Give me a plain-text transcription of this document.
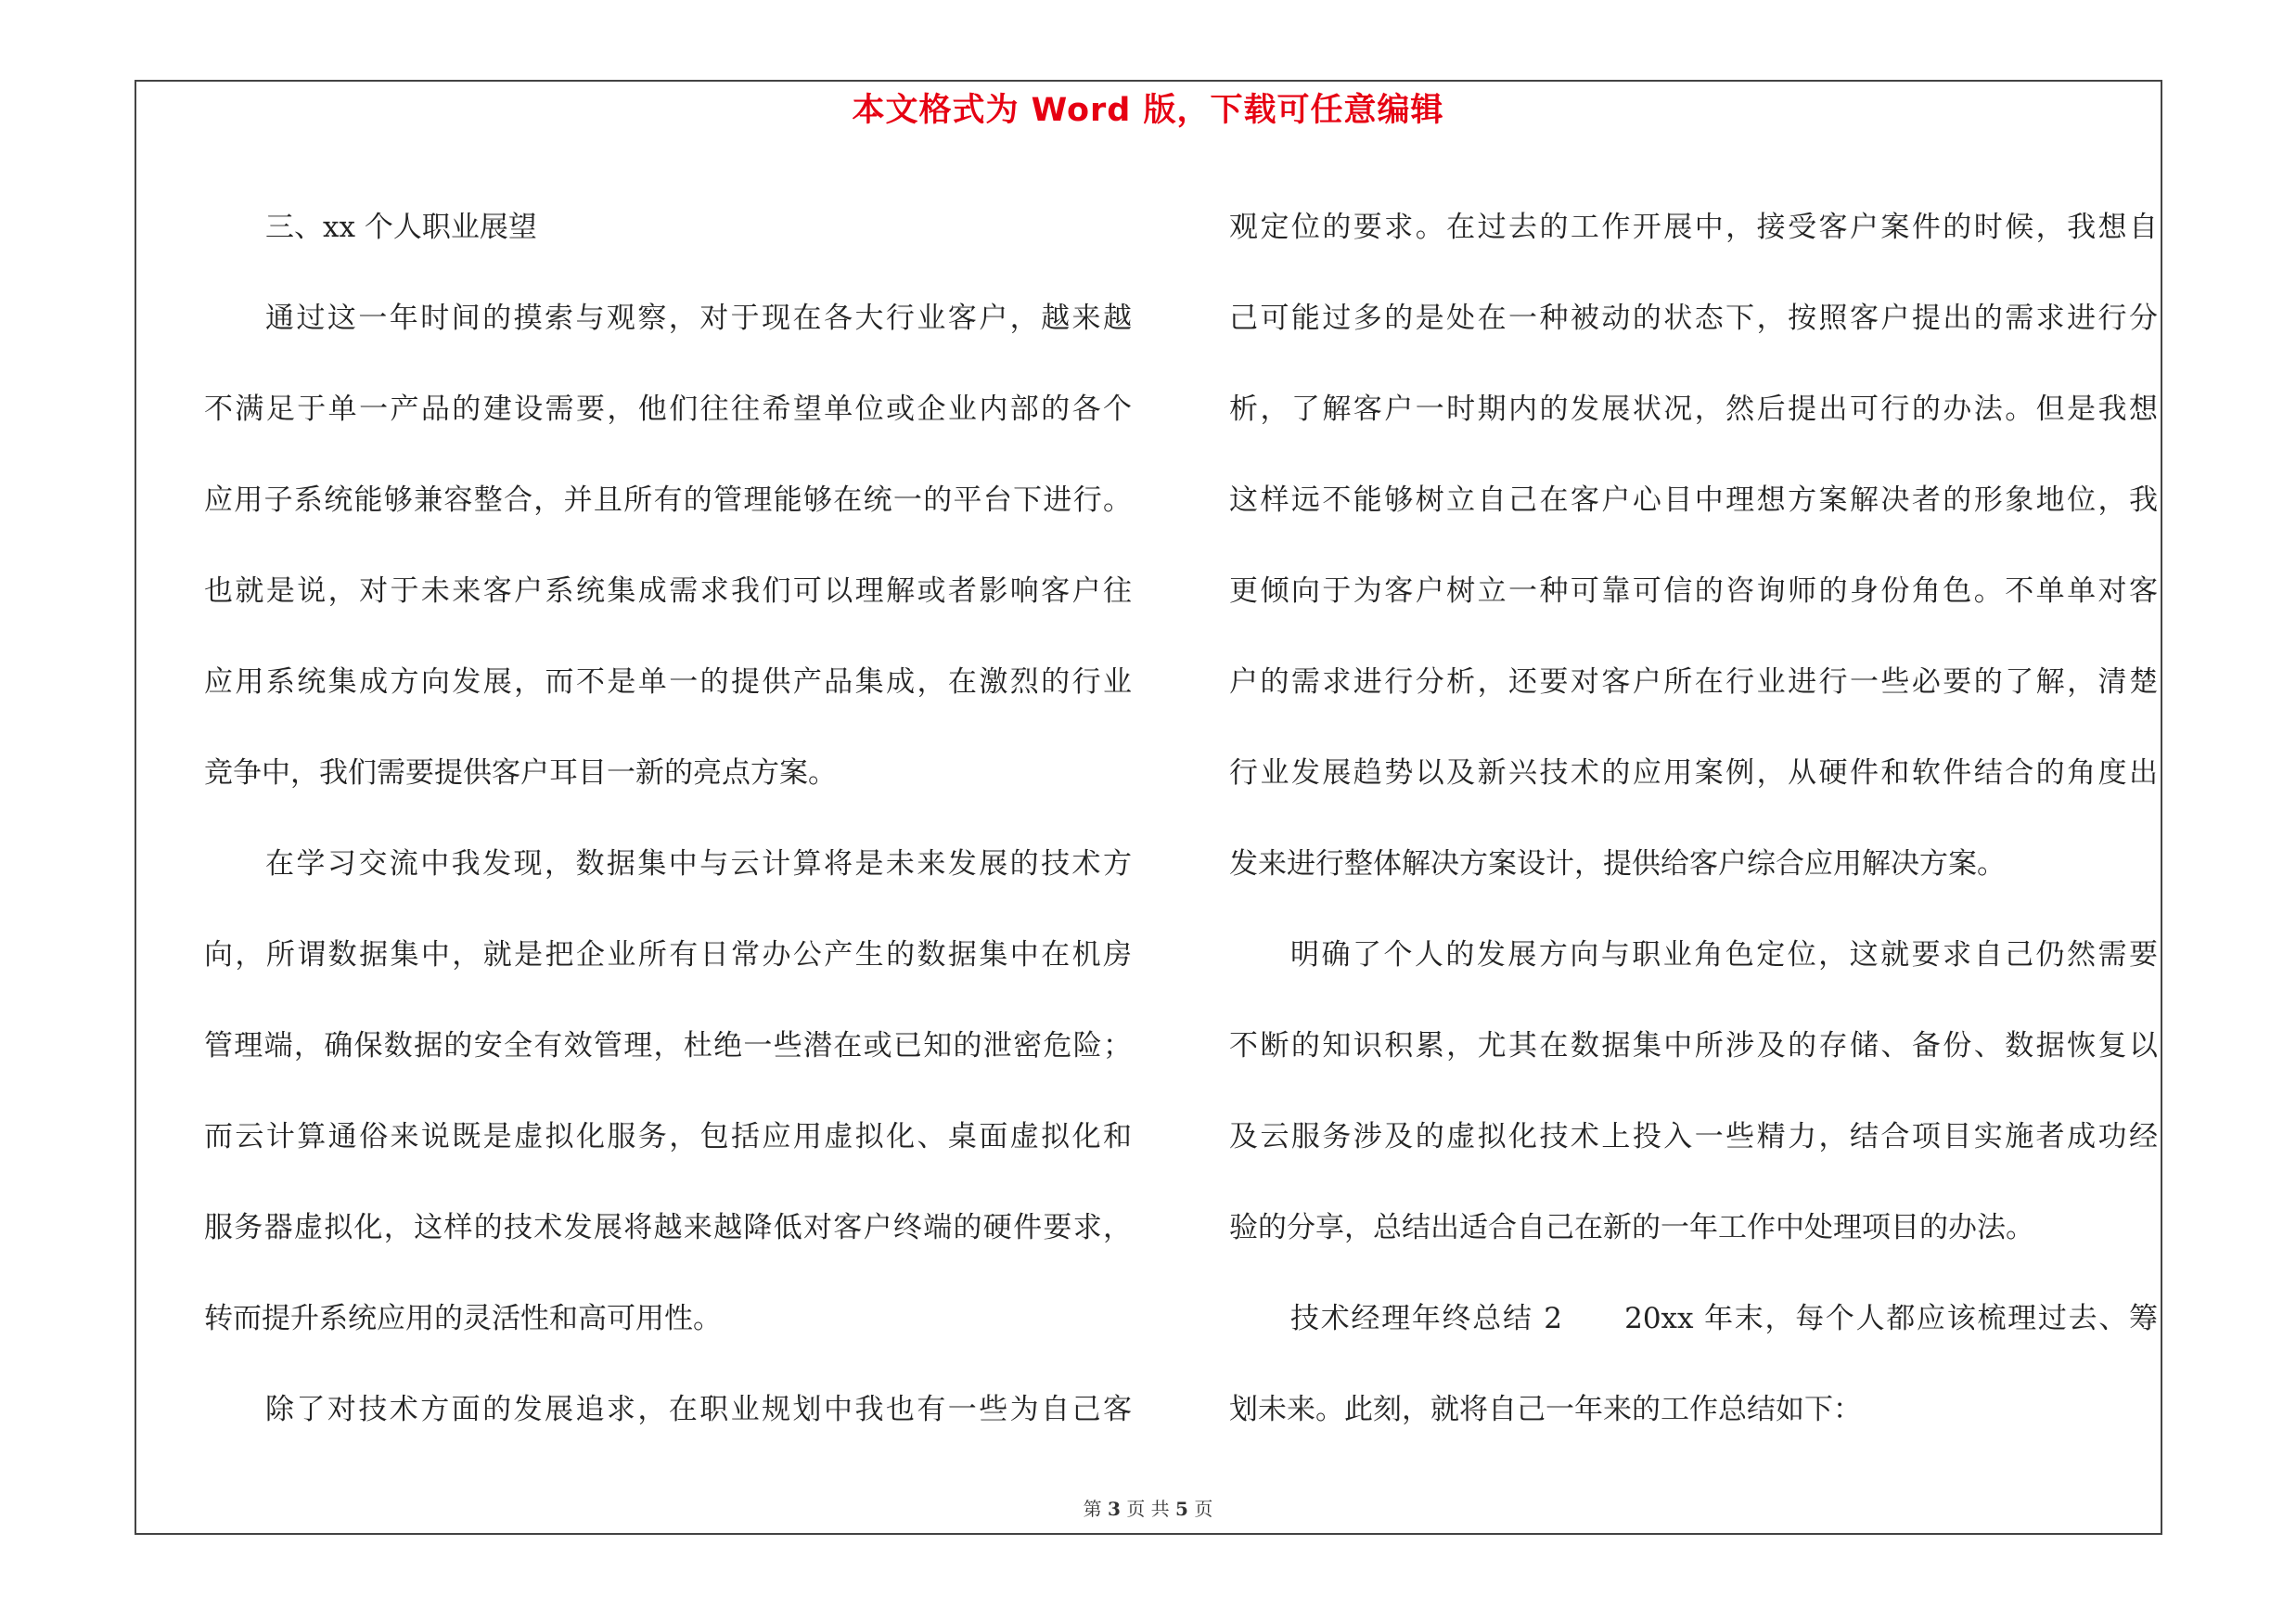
本文格式为 Word 版，下载可任意编辑
三、xx 个人职业展望
通过这一年时间的摸索与观察，对于现在各大行业客户，越来越
不满足于单一产品的建设需要，他们往往希望单位或企业内部的各个
应用子系统能够兼容整合，并且所有的管理能够在统一的平台下进行。
也就是说，对于未来客户系统集成需求我们可以理解或者影响客户往
应用系统集成方向发展，而不是单一的提供产品集成，在激烈的行业
竞争中，我们需要提供客户耳目一新的亮点方案。
在学习交流中我发现，数据集中与云计算将是未来发展的技术方
向，所谓数据集中，就是把企业所有日常办公产生的数据集中在机房
管理端，确保数据的安全有效管理，杜绝一些潜在或已知的泄密危险；
而云计算通俗来说既是虚拟化服务，包括应用虚拟化、桌面虚拟化和
服务器虚拟化，这样的技术发展将越来越降低对客户终端的硬件要求，
转而提升系统应用的灵活性和高可用性。
除了对技术方面的发展追求，在职业规划中我也有一些为自己客
观定位的要求。在过去的工作开展中，接受客户案件的时候，我想自
己可能过多的是处在一种被动的状态下，按照客户提出的需求进行分
析，了解客户一时期内的发展状况，然后提出可行的办法。但是我想
这样远不能够树立自己在客户心目中理想方案解决者的形象地位，我
更倾向于为客户树立一种可靠可信的咨询师的身份角色。不单单对客
户的需求进行分析，还要对客户所在行业进行一些必要的了解，清楚
行业发展趋势以及新兴技术的应用案例，从硬件和软件结合的角度出
发来进行整体解决方案设计，提供给客户综合应用解决方案。
明确了个人的发展方向与职业角色定位，这就要求自己仍然需要
不断的知识积累，尤其在数据集中所涉及的存储、备份、数据恢复以
及云服务涉及的虚拟化技术上投入一些精力，结合项目实施者成功经
验的分享，总结出适合自己在新的一年工作中处理项目的办法。
技术经理年终总结 2　　20xx 年末，每个人都应该梳理过去、筹
划未来。此刻，就将自己一年来的工作总结如下：
第 3 页 共 5 页
